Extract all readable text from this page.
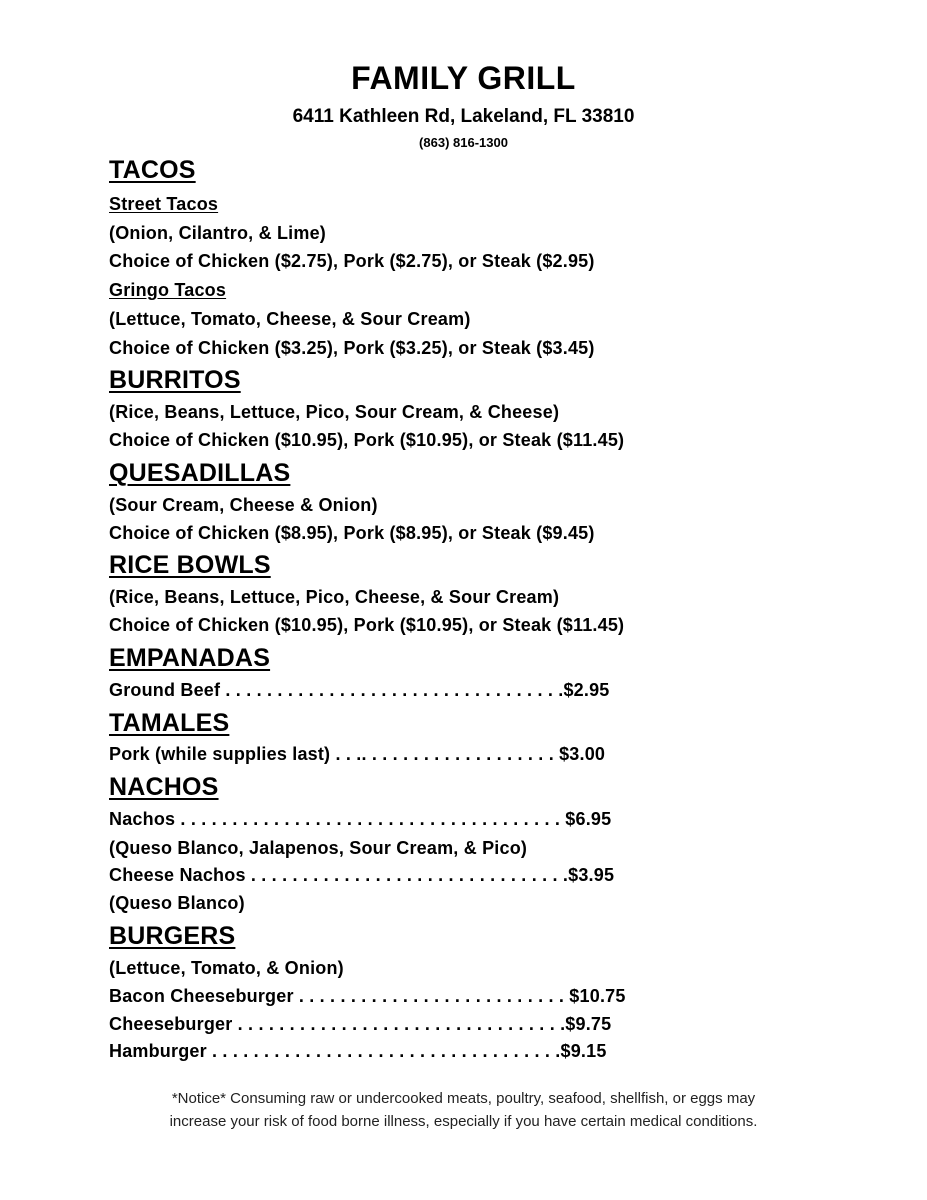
FAMILY GRILL
6411 Kathleen Rd, Lakeland, FL 33810
(863) 816-1300
TACOS
Street Tacos
(Onion, Cilantro, & Lime)
Choice of Chicken ($2.75), Pork ($2.75), or Steak ($2.95)
Gringo Tacos
(Lettuce, Tomato, Cheese, & Sour Cream)
Choice of Chicken ($3.25), Pork ($3.25), or Steak ($3.45)
BURRITOS
(Rice, Beans, Lettuce, Pico, Sour Cream, & Cheese)
Choice of Chicken ($10.95), Pork ($10.95), or Steak ($11.45)
QUESADILLAS
(Sour Cream, Cheese & Onion)
Choice of Chicken ($8.95), Pork ($8.95), or Steak ($9.45)
RICE BOWLS
(Rice, Beans, Lettuce, Pico, Cheese, & Sour Cream)
Choice of Chicken ($10.95), Pork ($10.95), or Steak ($11.45)
EMPANADAS
Ground Beef . . . . . . . . . . . . . . . . . . . . . . . . . . . . . . . . .$2.95
TAMALES
Pork (while supplies last) . . .. . . . . . . . . . . . . . . . . . . $3.00
NACHOS
Nachos . . . . . . . . . . . . . . . . . . . . . . . . . . . . . . . . . . . . . $6.95
(Queso Blanco, Jalapenos, Sour Cream, & Pico)
Cheese Nachos . . . . . . . . . . . . . . . . . . . . . . . . . . . . . . .$3.95
(Queso Blanco)
BURGERS
(Lettuce, Tomato, & Onion)
Bacon Cheeseburger . . . . . . . . . . . . . . . . . . . . . . . . . . $10.75
Cheeseburger . . . . . . . . . . . . . . . . . . . . . . . . . . . . . . . .$9.75
Hamburger . . . . . . . . . . . . . . . . . . . . . . . . . . . . . . . . . .$9.15
*Notice* Consuming raw or undercooked meats, poultry, seafood, shellfish, or eggs may
increase your risk of food borne illness, especially if you have certain medical conditions.
